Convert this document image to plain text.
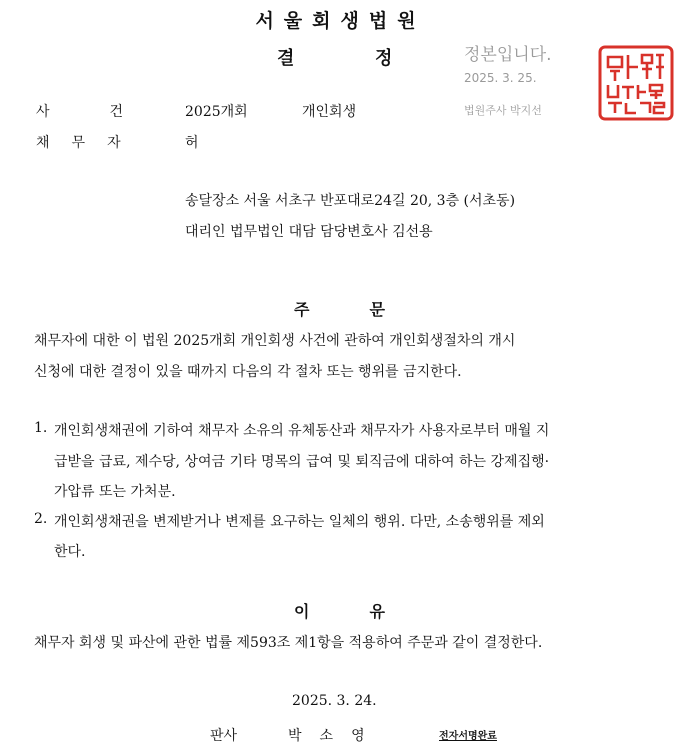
서울회생법원
결	정	정본입니다.
2025. 3. 25.
법원주사 박지선
사	건	2025개회	개인회생
채 무 자	허
송달장소 서울 서초구 반포대로24길 20, 3층 (서초동)
대리인 법무법인 대담 담당변호사 김선용
주	문
채무자에 대한 이 법원 2025개회 개인회생 사건에 관하여 개인회생절차의 개시
신청에 대한 결정이 있을 때까지 다음의 각 절차 또는 행위를 금지한다.
1. 개인회생채권에 기하여 채무자 소유의 유체동산과 채무자가 사용자로부터 매월 지
급받을 급료, 제수당, 상여금 기타 명목의 급여 및 퇴직금에 대하여 하는 강제집행·
가압류 또는 가처분.
2. 개인회생채권을 변제받거나 변제를 요구하는 일체의 행위. 다만, 소송행위를 제외
한다.
이	유
채무자 회생 및 파산에 관한 법률 제593조 제1항을 적용하여 주문과 같이 결정한다.
2025. 3. 24.
판사	박 소 영	전자서명완료
